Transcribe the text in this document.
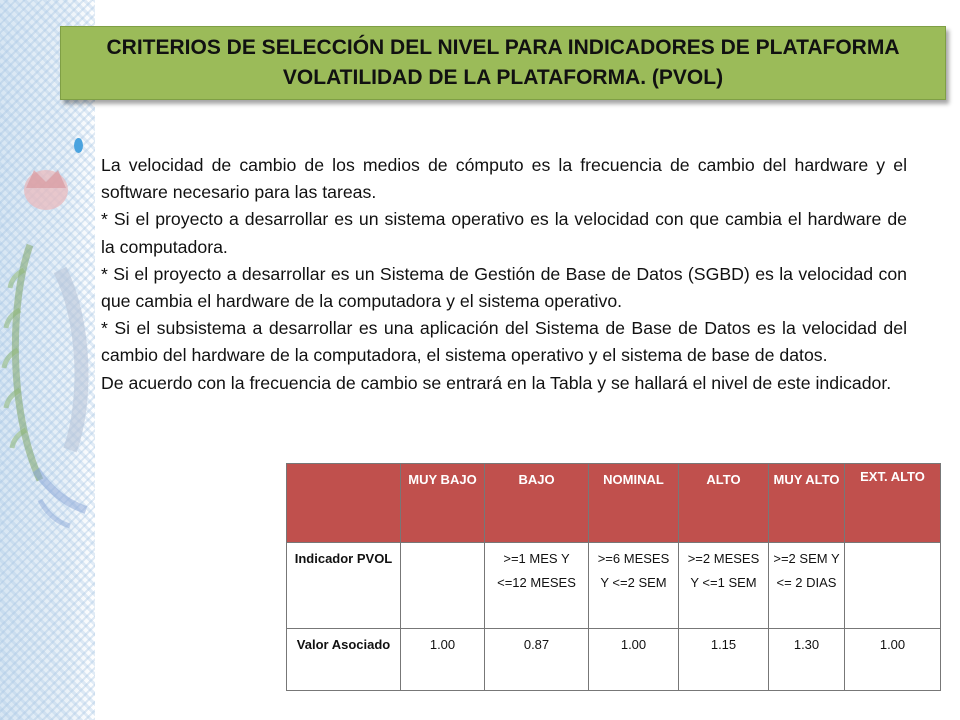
CRITERIOS DE SELECCIÓN DEL NIVEL PARA INDICADORES DE PLATAFORMA
VOLATILIDAD DE LA PLATAFORMA. (PVOL)

La velocidad de cambio de los medios de cómputo es la frecuencia de cambio del hardware y el software necesario para las tareas.

* Si el proyecto a desarrollar es un sistema operativo es la velocidad con que cambia el hardware de la computadora.

* Si el proyecto a desarrollar es un Sistema de Gestión de Base de Datos (SGBD) es la velocidad con que cambia el hardware de la computadora y el sistema operativo.

* Si el subsistema a desarrollar es una aplicación del Sistema de Base de Datos es la velocidad del cambio del hardware de la computadora, el sistema operativo y el sistema de base de datos.

De acuerdo con la frecuencia de cambio se entrará en la Tabla y se hallará el nivel de este indicador.

	MUY BAJO	BAJO	NOMINAL	ALTO	MUY ALTO	EXT. ALTO
Indicador PVOL		>=1 MES Y <=12 MESES	>=6 MESES Y <=2 SEM	>=2 MESES Y <=1 SEM	>=2 SEM Y <= 2 DIAS	
Valor Asociado	1.00	0.87	1.00	1.15	1.30	1.00
